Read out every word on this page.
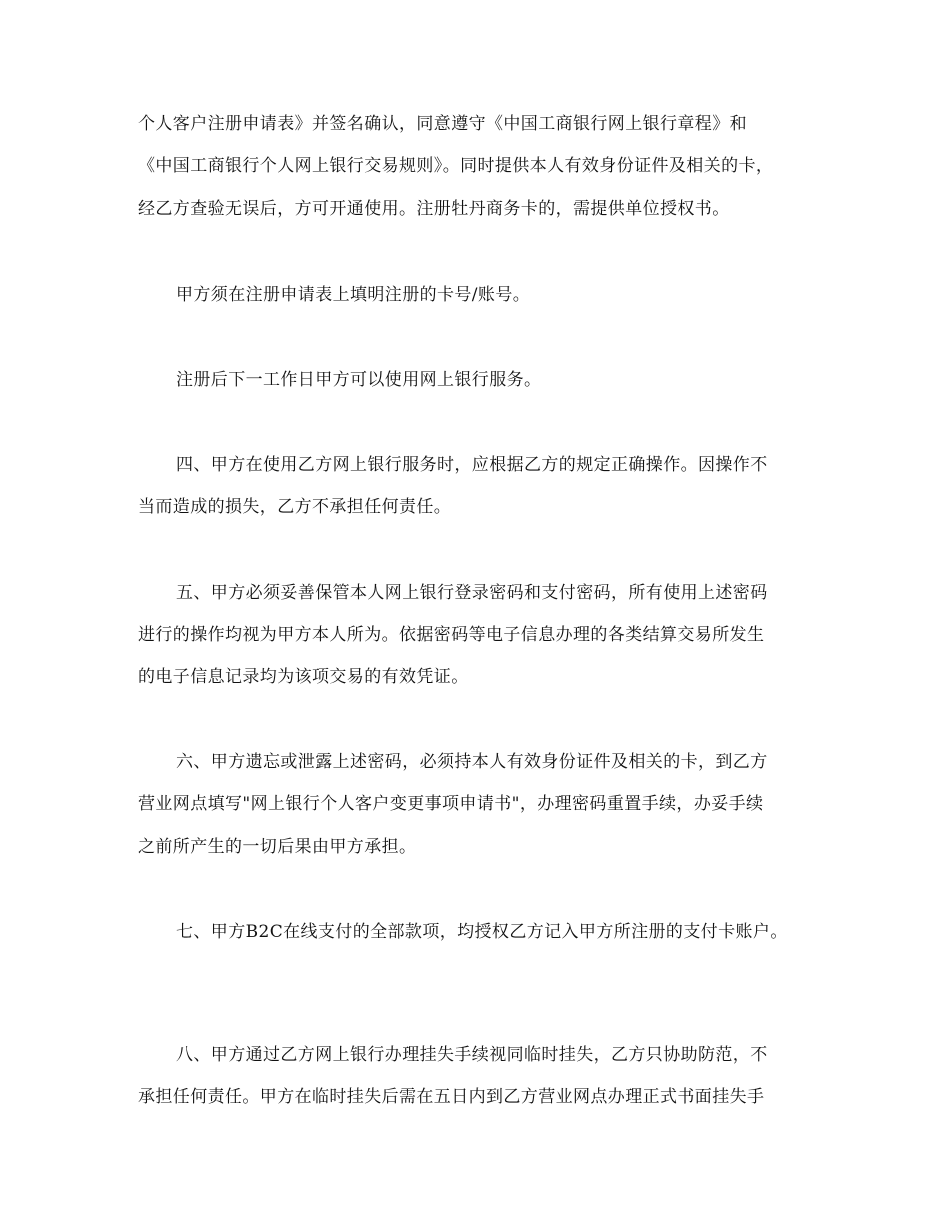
个人客户注册申请表》并签名确认，同意遵守《中国工商银行网上银行章程》和
《中国工商银行个人网上银行交易规则》。同时提供本人有效身份证件及相关的卡，
经乙方查验无误后，方可开通使用。注册牡丹商务卡的，需提供单位授权书。
甲方须在注册申请表上填明注册的卡号/账号。
注册后下一工作日甲方可以使用网上银行服务。
四、甲方在使用乙方网上银行服务时，应根据乙方的规定正确操作。因操作不
当而造成的损失，乙方不承担任何责任。
五、甲方必须妥善保管本人网上银行登录密码和支付密码，所有使用上述密码
进行的操作均视为甲方本人所为。依据密码等电子信息办理的各类结算交易所发生
的电子信息记录均为该项交易的有效凭证。
六、甲方遗忘或泄露上述密码，必须持本人有效身份证件及相关的卡，到乙方
营业网点填写"网上银行个人客户变更事项申请书"，办理密码重置手续，办妥手续
之前所产生的一切后果由甲方承担。
七、甲方B2C在线支付的全部款项，均授权乙方记入甲方所注册的支付卡账户。
八、甲方通过乙方网上银行办理挂失手续视同临时挂失，乙方只协助防范，不
承担任何责任。甲方在临时挂失后需在五日内到乙方营业网点办理正式书面挂失手
